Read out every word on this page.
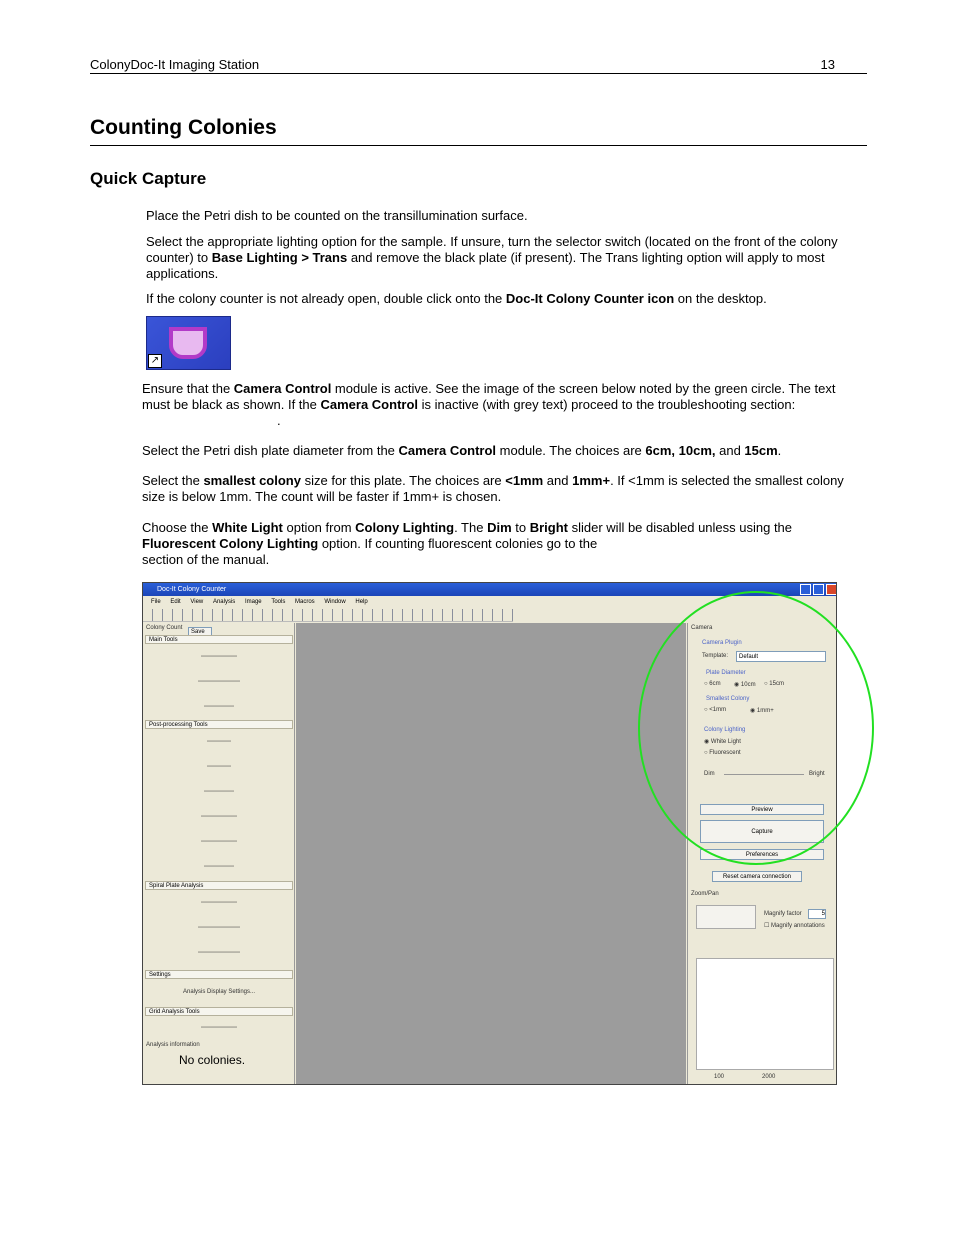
ColonyDoc-It Imaging Station	13
Counting Colonies
Quick Capture
Place the Petri dish to be counted on the transillumination surface.
Select the appropriate lighting option for the sample. If unsure, turn the selector switch (located on the front of the colony counter) to Base Lighting > Trans and remove the black plate (if present). The Trans lighting option will apply to most applications.
If the colony counter is not already open, double click onto the Doc-It Colony Counter icon on the desktop.
↗
Ensure that the Camera Control module is active. See the image of the screen below noted by the green circle. The text must be black as shown. If the Camera Control is inactive (with grey text) proceed to the troubleshooting section:.
Select the Petri dish plate diameter from the Camera Control module. The choices are 6cm, 10cm, and 15cm.
Select the smallest colony size for this plate. The choices are <1mm and 1mm+. If <1mm is selected the smallest colony size is below 1mm. The count will be faster if 1mm+ is chosen.
Choose the White Light option from Colony Lighting. The Dim to Bright slider will be disabled unless using the Fluorescent Colony Lighting option. If counting fluorescent colonies go to the
section of the manual.
Doc-It Colony Counter
File Edit View Analysis Image Tools Macros Window Help
Colony Count
Save
Main Tools
▬▬▬▬▬▬
▬▬▬▬▬▬▬
▬▬▬▬▬
Post-processing Tools
▬▬▬▬
▬▬▬▬
▬▬▬▬▬
▬▬▬▬▬▬
▬▬▬▬▬▬
▬▬▬▬▬
Spiral Plate Analysis
▬▬▬▬▬▬
▬▬▬▬▬▬▬
▬▬▬▬▬▬▬
Settings
Analysis Display Settings...
Grid Analysis Tools
▬▬▬▬▬▬
Analysis information
No colonies.
Camera
Camera Plugin
Template:	Default
Plate Diameter
○ 6cm ◉ 10cm ○ 15cm
Smallest Colony
○ <1mm	◉ 1mm+
Colony Lighting
◉ White Light
○ Fluorescent
Dim	Bright
Preview
Capture
Preferences
Reset camera connection
Zoom/Pan
Magnify factor	5
☐ Magnify annotations
100	2000
